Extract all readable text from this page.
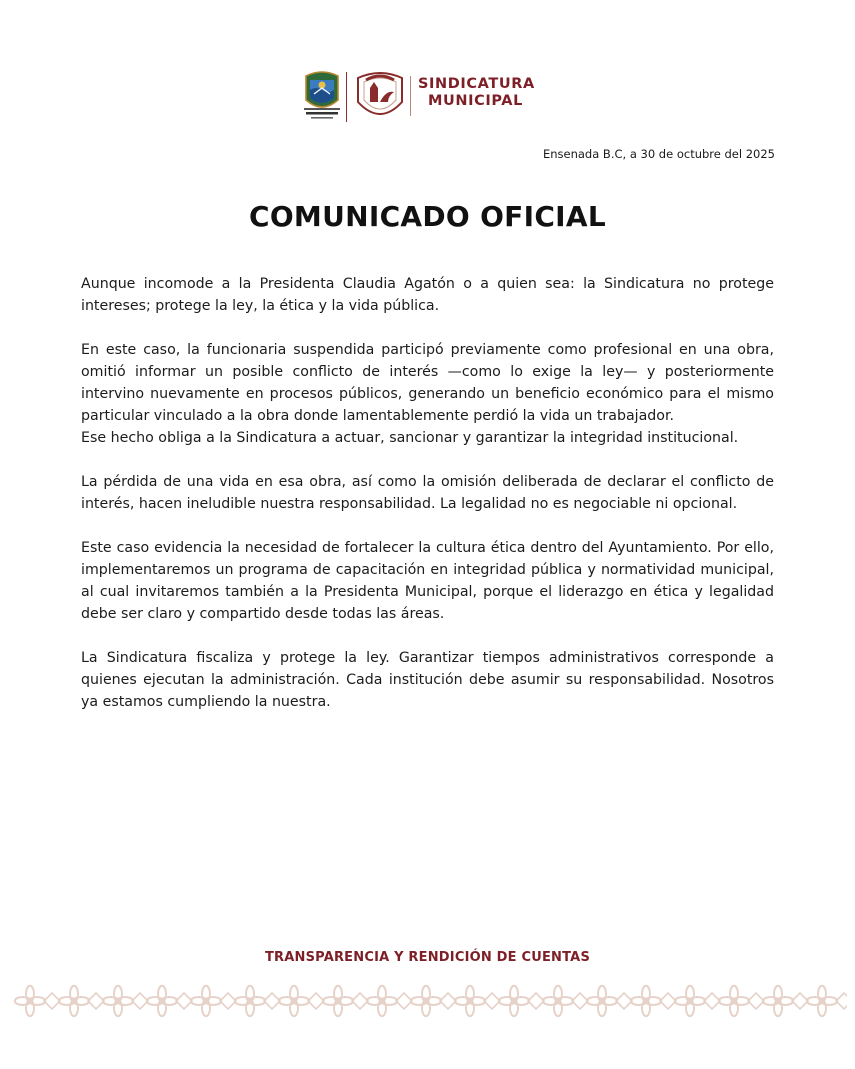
SINDICATURA
MUNICIPAL
Ensenada B.C, a 30 de octubre del 2025
COMUNICADO OFICIAL

Aunque incomode a la Presidenta Claudia Agatón o a quien sea: la Sindicatura no protege intereses; protege la ley, la ética y la vida pública.

En este caso, la funcionaria suspendida participó previamente como profesional en una obra, omitió informar un posible conflicto de interés —como lo exige la ley— y posteriormente intervino nuevamente en procesos públicos, generando un beneficio económico para el mismo particular vinculado a la obra donde lamentablemente perdió la vida un trabajador.

Ese hecho obliga a la Sindicatura a actuar, sancionar y garantizar la integridad institucional.

La pérdida de una vida en esa obra, así como la omisión deliberada de declarar el conflicto de interés, hacen ineludible nuestra responsabilidad. La legalidad no es negociable ni opcional.

Este caso evidencia la necesidad de fortalecer la cultura ética dentro del Ayuntamiento. Por ello, implementaremos un programa de capacitación en integridad pública y normatividad municipal, al cual invitaremos también a la Presidenta Municipal, porque el liderazgo en ética y legalidad debe ser claro y compartido desde todas las áreas.

La Sindicatura fiscaliza y protege la ley. Garantizar tiempos administrativos corresponde a quienes ejecutan la administración. Cada institución debe asumir su responsabilidad. Nosotros ya estamos cumpliendo la nuestra.

TRANSPARENCIA Y RENDICIÓN DE CUENTAS
